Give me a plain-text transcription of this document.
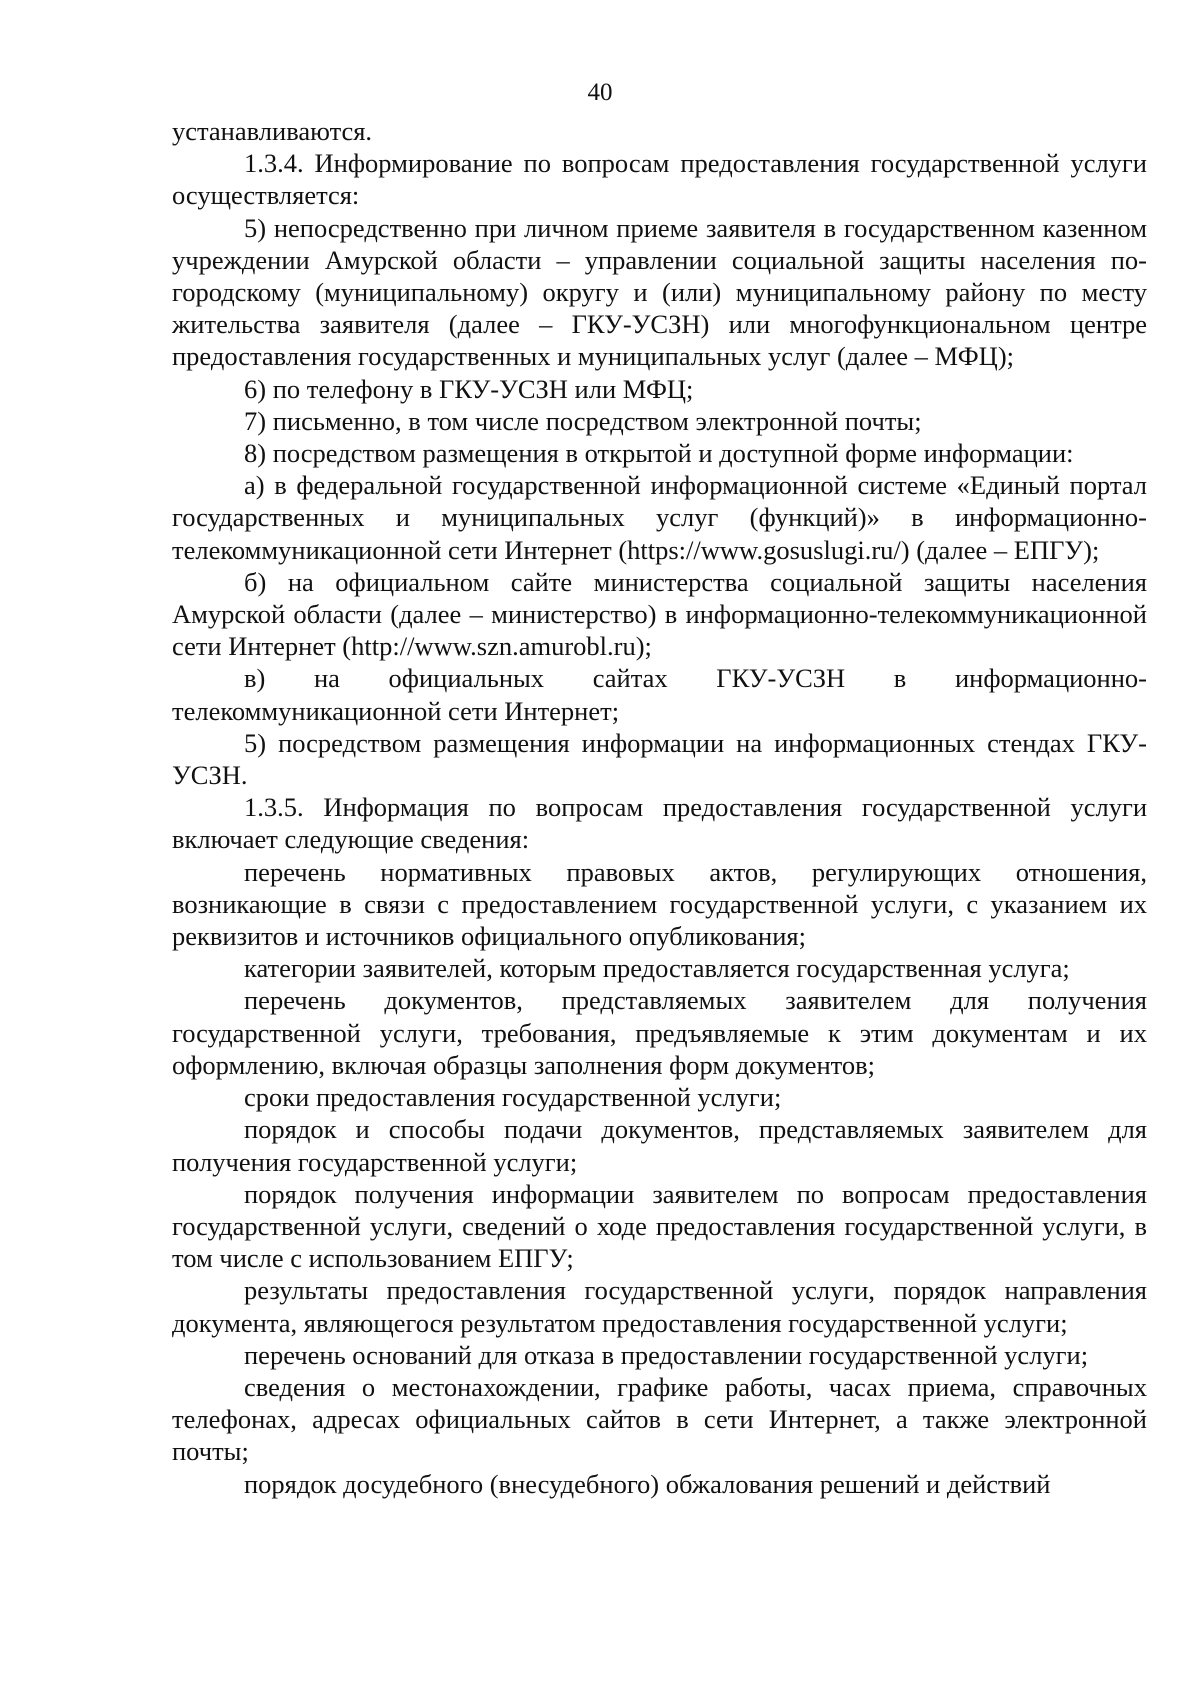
40

устанавливаются.

1.3.4. Информирование по вопросам предоставления государственной услуги осуществляется:

5) непосредственно при личном приеме заявителя в государственном казенном учреждении Амурской области – управлении социальной защиты населения по-городскому (муниципальному) округу и (или) муниципальному району по месту жительства заявителя (далее – ГКУ-УСЗН) или многофункциональном центре предоставления государственных и муниципальных услуг (далее – МФЦ);

6) по телефону в ГКУ-УСЗН или МФЦ;

7) письменно, в том числе посредством электронной почты;

8) посредством размещения в открытой и доступной форме информации:

а) в федеральной государственной информационной системе «Единый портал государственных и муниципальных услуг (функций)» в информационно-телекоммуникационной сети Интернет (https://www.gosuslugi.ru/) (далее – ЕПГУ);

б) на официальном сайте министерства социальной защиты населения Амурской области (далее – министерство) в информационно-телекоммуникационной сети Интернет (http://www.szn.amurobl.ru);

в) на официальных сайтах ГКУ-УСЗН в информационно-телекоммуникационной сети Интернет;

5) посредством размещения информации на информационных стендах ГКУ-УСЗН.

1.3.5. Информация по вопросам предоставления государственной услуги включает следующие сведения:

перечень нормативных правовых актов, регулирующих отношения, возникающие в связи с предоставлением государственной услуги, с указанием их реквизитов и источников официального опубликования;

категории заявителей, которым предоставляется государственная услуга;

перечень документов, представляемых заявителем для получения государственной услуги, требования, предъявляемые к этим документам и их оформлению, включая образцы заполнения форм документов;

сроки предоставления государственной услуги;

порядок и способы подачи документов, представляемых заявителем для получения государственной услуги;

порядок получения информации заявителем по вопросам предоставления государственной услуги, сведений о ходе предоставления государственной услуги, в том числе с использованием ЕПГУ;

результаты предоставления государственной услуги, порядок направления документа, являющегося результатом предоставления государственной услуги;

перечень оснований для отказа в предоставлении государственной услуги;

сведения о местонахождении, графике работы, часах приема, справочных телефонах, адресах официальных сайтов в сети Интернет, а также электронной почты;

порядок досудебного (внесудебного) обжалования решений и действий
